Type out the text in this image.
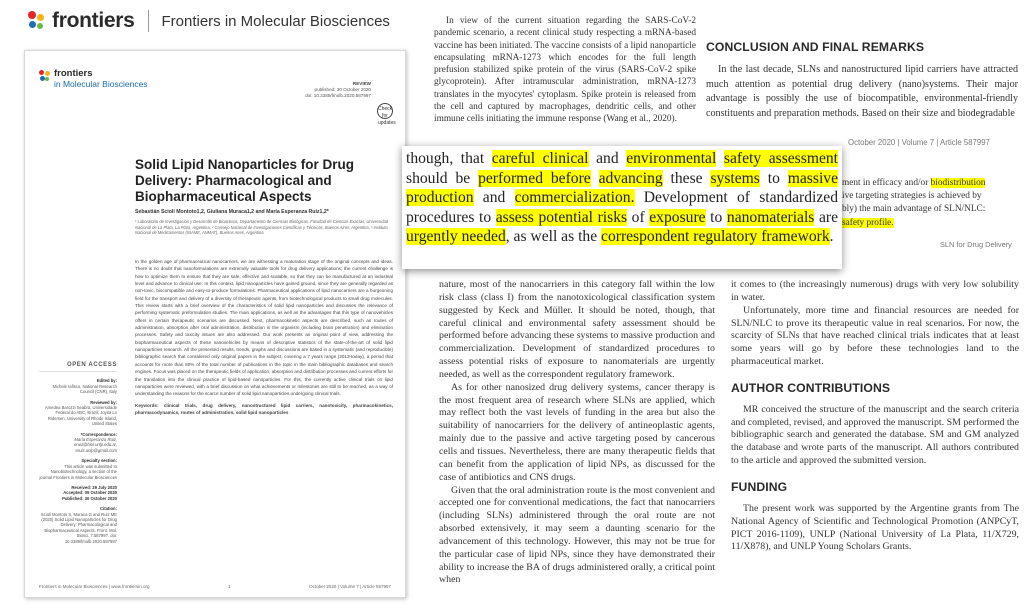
frontiers Frontiers in Molecular Biosciences
frontiers
in Molecular Biosciences	REVIEW
published: 30 October 2020
doi: 10.3389/fmolb.2020.587997
Check for updates
Solid Lipid Nanoparticles for Drug Delivery: Pharmacological and Biopharmaceutical Aspects
Sebastián Scioli Montoto1,2, Giuliana Muraca1,2 and María Esperanza Ruiz1,2*
¹ Laboratorio de Investigación y Desarrollo de Bioactivos, Departamento de Ciencias Biológicas, Facultad de Ciencias Exactas, Universidad Nacional de La Plata, La Plata, Argentina, ² Consejo Nacional de Investigaciones Científicas y Técnicas, Buenos Aires, Argentina, ³ Instituto Nacional de Medicamentos (INAME, ANMAT), Buenos Aires, Argentina
In the golden age of pharmaceutical nanocarriers, we are witnessing a maturation stage of the original concepts and ideas. There is no doubt that nanoformulations are extremely valuable tools for drug delivery applications; the current challenge is how to optimize them to ensure that they are safe, effective and scalable, so that they can be manufactured at an industrial level and advance to clinical use. In this context, lipid nanoparticles have gained ground, since they are generally regarded as non-toxic, biocompatible and easy-to-produce formulations. Pharmaceutical applications of lipid nanocarriers are a burgeoning field for the transport and delivery of a diversity of therapeutic agents, from biotechnological products to small drug molecules. This review starts with a brief overview of the characteristics of solid lipid nanoparticles and discusses the relevance of performing systematic preformulation studies. The main applications, as well as the advantages that this type of nanovehicles offers in certain therapeutic scenarios are discussed. Next, pharmacokinetic aspects are described, such as routes of administration, absorption after oral administration, distribution in the organism (including brain penetration) and elimination processes. Safety and toxicity issues are also addressed. Our work presents an original point of view, addressing the biopharmaceutical aspects of these nanovehicles by means of descriptive statistics of the state-of-the-art of solid lipid nanoparticles research. All the presented results, trends, graphs and discussions are based in a systematic (and reproducible) bibliographic search that considered only original papers in the subject, covering a 7 years range (2013-today), a period that accounts for more than 80% of the total number of publications in the topic in the main bibliographic databases and search engines. Focus was placed on the therapeutic fields of application, absorption and distribution processes and current efforts for the translation into the clinical practice of lipid-based nanoparticles. For this, the currently active clinical trials on lipid nanoparticles were reviewed, with a brief discussion on what achievements or milestones are still to be reached, as a way of understanding the reasons for the scarce number of solid lipid nanoparticles undergoing clinical trials.
Keywords: clinical trials, drug delivery, nanostructured lipid carriers, nanotoxicity, pharmacokinetics, pharmacodynamics, routes of administration, solid lipid nanoparticles
OPEN ACCESS
Edited by:
Michele Iafisco, National Research Council (CNR), Italy
Reviewed by:
Amedea Barozzi Seabra, Universidade Federal do ABC, Brazil; Joyita Lo Ridersen, University of Rhode Island, United States
*Correspondence:
María Esperanza Ruiz, eruiz@biol.unlp.edu.ar, eruiz.unlp@gmail.com
Specialty section:
This article was submitted to Nanobiotechnology, a section of the journal Frontiers in Molecular Biosciences
Received: 29 July 2020
Accepted: 05 October 2020
Published: 30 October 2020
Citation:
Scioli Montoto S, Muraca G and Ruiz ME (2020) Solid Lipid Nanoparticles for Drug Delivery: Pharmacological and Biopharmaceutical Aspects. Front. Mol. Biosci. 7:587997. doi: 10.3389/fmolb.2020.587997
Frontiers in Molecular Biosciences | www.frontiersin.org	1	October 2020 | Volume 7 | Article 587997

In view of the current situation regarding the SARS-CoV-2 pandemic scenario, a recent clinical study respecting a mRNA-based vaccine has been initiated. The vaccine consists of a lipid nanoparticle encapsulating mRNA-1273 which encodes for the full length prefusion stabilized spike protein of the virus (SARS-CoV-2 spike glycoprotein). After intramuscular administration, mRNA-1273 translates in the myocytes' cytoplasm. Spike protein is released from the cell and captured by macrophages, dendritic cells, and other immune cells initiating the immune response (Wang et al., 2020).

CONCLUSION AND FINAL REMARKS

In the last decade, SLNs and nanostructured lipid carriers have attracted much attention as potential drug delivery (nano)systems. Their major advantage is possibly the use of biocompatible, environmental-friendly constituents and preparation methods. Based on their size and biodegradable

October 2020 | Volume 7 | Article 587997
ment in efficacy and/or biodistribution
ive targeting strategies is achieved by
bly) the main advantage of SLN/NLC:
safety profile.
SLN for Drug Delivery

nature, most of the nanocarriers in this category fall within the low risk class (class I) from the nanotoxicological classification system suggested by Keck and Müller. It should be noted, though, that careful clinical and environmental safety assessment should be performed before advancing these systems to massive production and commercialization. Development of standardized procedures to assess potential risks of exposure to nanomaterials are urgently needed, as well as the correspondent regulatory framework.

As for other nanosized drug delivery systems, cancer therapy is the most frequent area of research where SLNs are applied, which may reflect both the vast levels of funding in the area but also the suitability of nanocarriers for the delivery of antineoplastic agents, mainly due to the passive and active targeting posed by cancerous cells and tissues. Nevertheless, there are many therapeutic fields that can benefit from the application of lipid NPs, as discussed for the case of antibiotics and CNS drugs.

Given that the oral administration route is the most convenient and accepted one for conventional medications, the fact that nanocarriers (including SLNs) administered through the oral route are not absorbed extensively, it may seem a daunting scenario for the advancement of this technology. However, this may not be true for the particular case of lipid NPs, since they have demonstrated their ability to increase the BA of drugs administered orally, a critical point when

it comes to (the increasingly numerous) drugs with very low solubility in water.

Unfortunately, more time and financial resources are needed for SLN/NLC to prove its therapeutic value in real scenarios. For now, the scarcity of SLNs that have reached clinical trials indicates that at least some years will go by before these technologies land to the pharmaceutical market.

AUTHOR CONTRIBUTIONS

MR conceived the structure of the manuscript and the search criteria and completed, revised, and approved the manuscript. SM performed the bibliographic search and generated the database. SM and GM analyzed the database and wrote parts of the manuscript. All authors contributed to the article and approved the submitted version.

FUNDING

The present work was supported by the Argentine grants from The National Agency of Scientific and Technological Promotion (ANPCyT, PICT 2016-1109), UNLP (National University of La Plata, 11/X729, 11/X878), and UNLP Young Scholars Grants.

though, that careful clinical and environmental safety assessment should be performed before advancing these systems to massive production and commercialization. Development of standardized procedures to assess potential risks of exposure to nanomaterials are urgently needed, as well as the correspondent regulatory framework.
